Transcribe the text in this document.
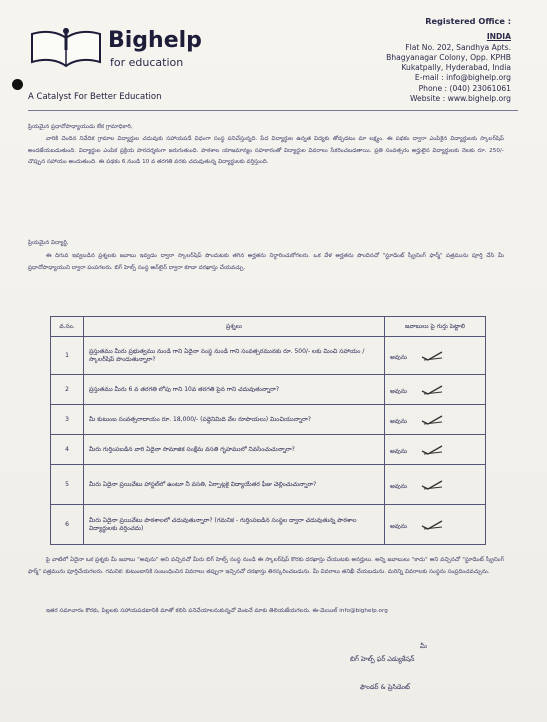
Bighelp
for education
A Catalyst For Better Education
Registered Office :
INDIA
Flat No. 202, Sandhya Apts.
Bhagyanagar Colony, Opp. KPHB
Kukatpally, Hyderabad, India
E-mail : info@bighelp.org
Phone : (040) 23061061
Website : www.bighelp.org
ప్రియమైన ప్రధానోపాధ్యాయుడు లేక గ్రామాధికారి,
వారికి చెందిన నివేదిక గ్రామాల విద్యార్థుల చదువుకు సహాయపడే విధంగా సంస్థ పనిచేస్తున్నది. పేద విద్యార్థుల ఉన్నత విద్యకు తోడ్పడటం మా లక్ష్యం. ఈ పథకం ద్వారా ఎంపికైన విద్యార్థులకు స్కాలర్‌షిప్ అందజేయబడుతుంది. విద్యార్థుల ఎంపిక ప్రక్రియ పారదర్శకంగా జరుగుతుంది. పాఠశాల యాజమాన్యం సహకారంతో విద్యార్థుల వివరాలు సేకరించబడతాయి. ప్రతి సంవత్సరం అర్హులైన విద్యార్థులకు నెలకు రూ. 250/- చొప్పున సహాయం అందుతుంది. ఈ పథకం 6 నుండి 10 వ తరగతి వరకు చదువుతున్న విద్యార్థులకు వర్తిస్తుంది.
ప్రియమైన విద్యార్థి,
ఈ దిగువ ఇవ్వబడిన ప్రశ్నలకు జవాబు ఇవ్వడం ద్వారా స్కాలర్‌షిప్ పొందుటకు తగిన అర్హతను నిర్ధారించుకోగలరు. ఒక వేళ అర్హతను పొందినచో "స్టూడెంట్ స్క్రీనింగ్ ఫార్మ్" పత్రమును పూర్తి చేసి మీ ప్రధానోపాధ్యాయుని ద్వారా పంపగలరు. బిగ్ హెల్ప్ సంస్థ ఆన్‌లైన్ ద్వారా కూడా దరఖాస్తు చేయవచ్చు.
వ.సం.	ప్రశ్నలు	జవాబులు పై గుర్తు పెట్టాలి
1	ప్రస్తుతము మీరు ప్రభుత్వము నుండి గాని ఏదైనా సంస్థ నుండి గాని సంవత్సరమునకు రూ. 500/- లకు మించి సహాయం / స్కాలర్‌షిప్ పొందుతున్నారా?	అవును
2	ప్రస్తుతము మీరు 6 వ తరగతి లోపు గాని 10వ తరగతి పైన గాని చదువుతున్నారా?	అవును
3	మీ కుటుంబ సంవత్సరాదాయం రూ. 18,000/- (పద్దెనిమిది వేల రూపాయలు) మించియున్నారా?	అవును
4	మీరు గుర్తింపబడిన వారి ఏదైనా సామాజిక సంక్షేమ వసతి గృహములో నివసించుచున్నారా?	అవును
5	మీరు ఏదైనా ప్రయివేటు హాస్టల్‌లో ఉంటూ నీ వసతి, ఏర్పాట్లకై విద్యాయేతర ఫీజు చెల్లించుచున్నారా?	అవును
6	మీరు ఏదైనా ప్రయివేటు పాఠశాలలో చదువుతున్నారా? (గమనిక - గుర్తింపబడిన సంస్థల ద్వారా చదువుతున్న పాఠశాల విద్యార్థులకు వర్తించదు)	అవును
పై వాటిలో ఏదైనా ఒక ప్రశ్నకు మీ జవాబు "అవును" అని వచ్చినచో మీరు బిగ్ హెల్ప్ సంస్థ నుండి ఈ స్కాలర్‌షిప్ కొరకు దరఖాస్తు చేయుటకు అనర్హులు. అన్ని జవాబులు "కాదు" అని వచ్చినచో "స్టూడెంట్ స్క్రీనింగ్ ఫార్మ్" పత్రమును పూర్తిచేయగలరు. గమనిక: కుటుంబానికి సంబంధించిన వివరాలు తప్పుగా ఇచ్చినచో దరఖాస్తు తిరస్కరించబడును. మీ వివరాలు తనిఖీ చేయబడును. మరిన్ని వివరాలకు సంస్థను సంప్రదించవచ్చును.
ఇతర సమాచారం కొరకు, పిల్లలకు సహాయపడటానికి మాతో కలిసి పనిచేయాలనుకున్నచో వెంటనే మాకు తెలియజేయగలరు. ఈ-మెయిల్ info@bighelp.org
మీ
బిగ్ హెల్ప్ ఫర్ ఎడ్యుకేషన్
ఫౌండర్ & ప్రెసిడెంట్
